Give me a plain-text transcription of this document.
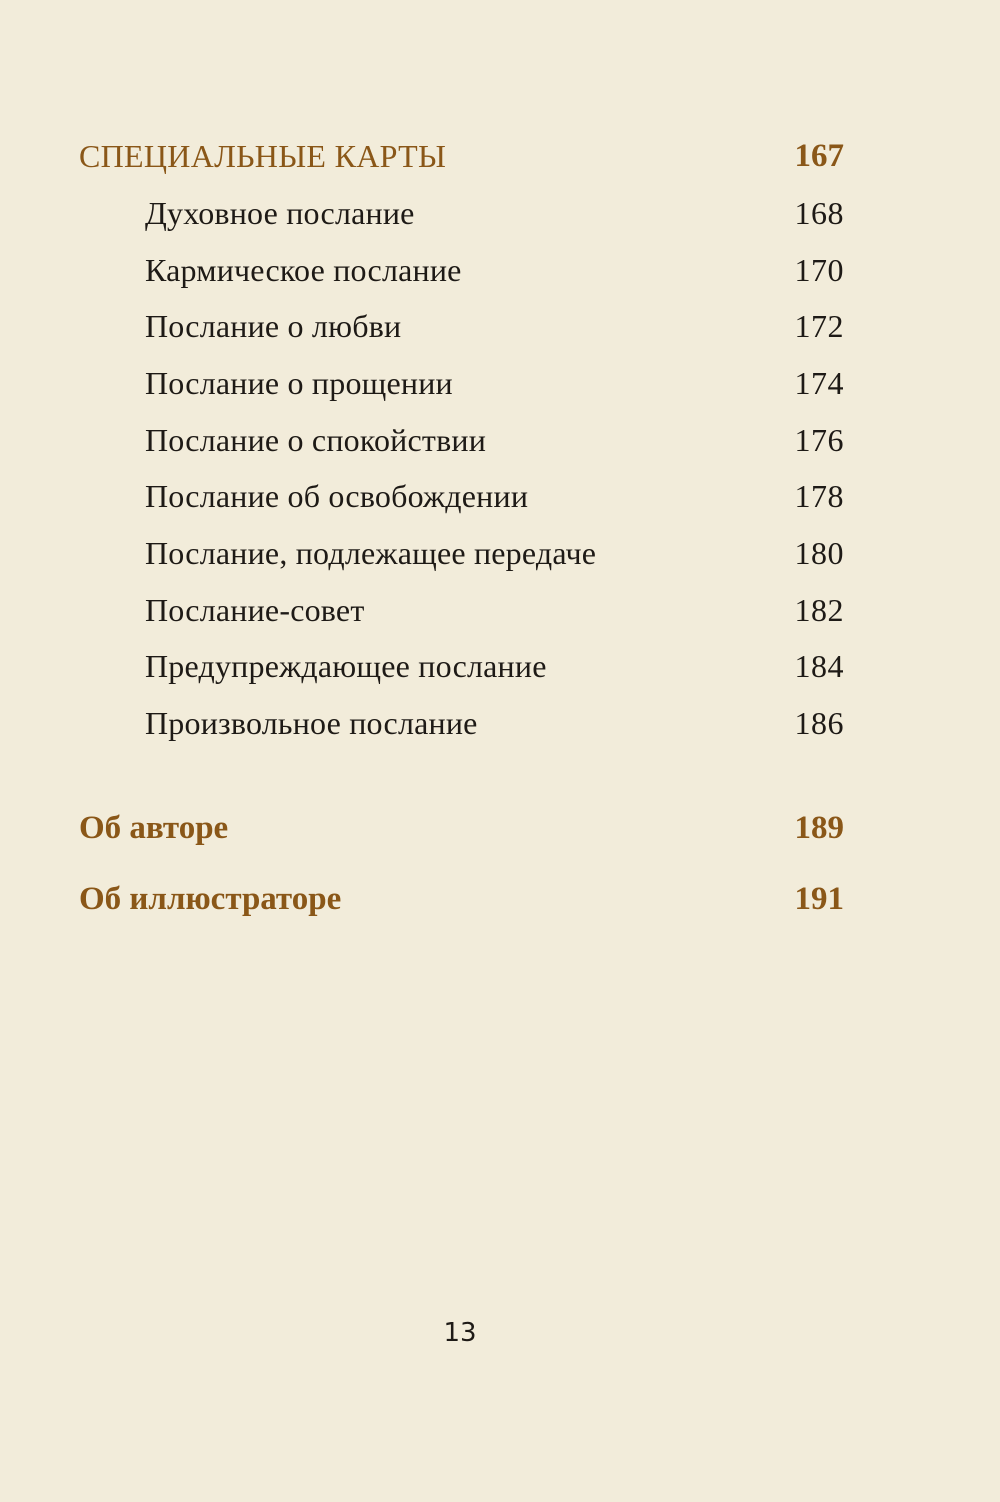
СПЕЦИАЛЬНЫЕ КАРТЫ	167
Духовное послание	168
Кармическое послание	170
Послание о любви	172
Послание о прощении	174
Послание о спокойствии	176
Послание об освобождении	178
Послание, подлежащее передаче	180
Послание-совет	182
Предупреждающее послание	184
Произвольное послание	186
Об авторе	189
Об иллюстраторе	191
13
